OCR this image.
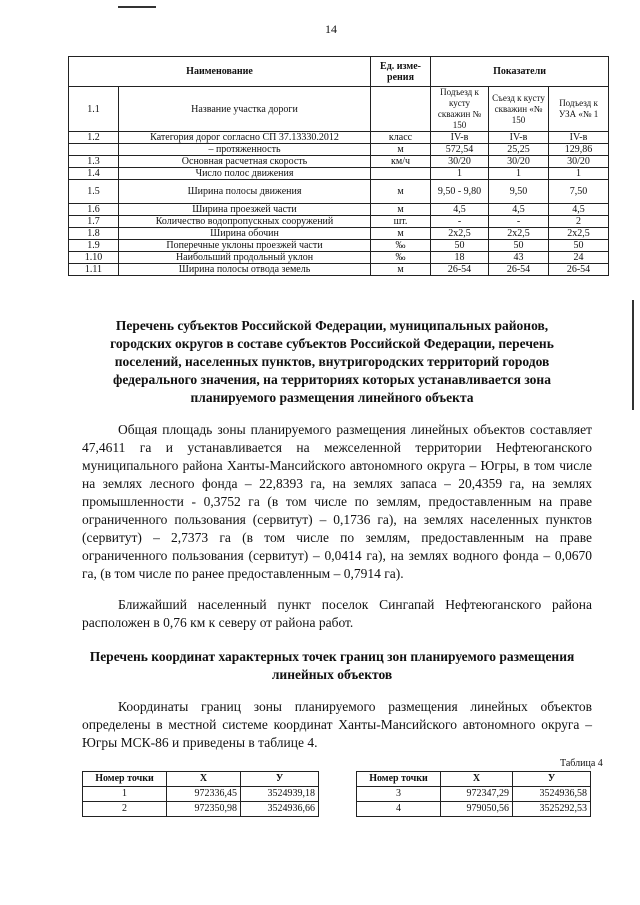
14
Наименование		Ед. изме-рения	Показатели		
1.1	Название участка дороги		Подъезд к кусту скважин № 150	Съезд к кусту скважин «№ 150	Подъезд к УЗА «№ 1
1.2	Категория дорог согласно СП 37.13330.2012	класс	IV-в	IV-в	IV-в
	– протяженность	м	572,54	25,25	129,86
1.3	Основная расчетная скорость	км/ч	30/20	30/20	30/20
1.4	Число полос движения		1	1	1
1.5	Ширина полосы движения	м	9,50 - 9,80	9,50	7,50
1.6	Ширина проезжей части	м	4,5	4,5	4,5
1.7	Количество водопропускных сооружений	шт.	-	-	2
1.8	Ширина обочин	м	2х2,5	2х2,5	2х2,5
1.9	Поперечные уклоны проезжей части	‰	50	50	50
1.10	Наибольший продольный уклон	‰	18	43	24
1.11	Ширина полосы отвода земель	м	26-54	26-54	26-54

Перечень субъектов Российской Федерации, муниципальных районов, городских округов в составе субъектов Российской Федерации, перечень поселений, населенных пунктов, внутригородских территорий городов федерального значения, на территориях которых устанавливается зона планируемого размещения линейного объекта

Общая площадь зоны планируемого размещения линейных объектов составляет 47,4611 га и устанавливается на межселенной территории Нефтеюганского муниципального района Ханты-Мансийского автономного округа – Югры, в том числе на землях лесного фонда – 22,8393 га, на землях запаса – 20,4359 га, на землях промышленности - 0,3752 га (в том числе по землям, предоставленным на праве ограниченного пользования (сервитут) – 0,1736 га), на землях населенных пунктов (сервитут) – 2,7373 га (в том числе по землям, предоставленным на праве ограниченного пользования (сервитут) – 0,0414 га), на землях водного фонда – 0,0670 га, (в том числе по ранее предоставленным – 0,7914 га).

Ближайший населенный пункт поселок Сингапай Нефтеюганского района расположен в 0,76 км к северу от района работ.

Перечень координат характерных точек границ зон планируемого размещения линейных объектов

Координаты границ зоны планируемого размещения линейных объектов определены в местной системе координат Ханты-Мансийского автономного округа – Югры МСК-86 и приведены в таблице 4.

Таблица 4
Номер точки	X	У
1	972336,45	3524939,18
2	972350,98	3524936,66
Номер точки	X	У
3	972347,29	3524936,58
4	979050,56	3525292,53
